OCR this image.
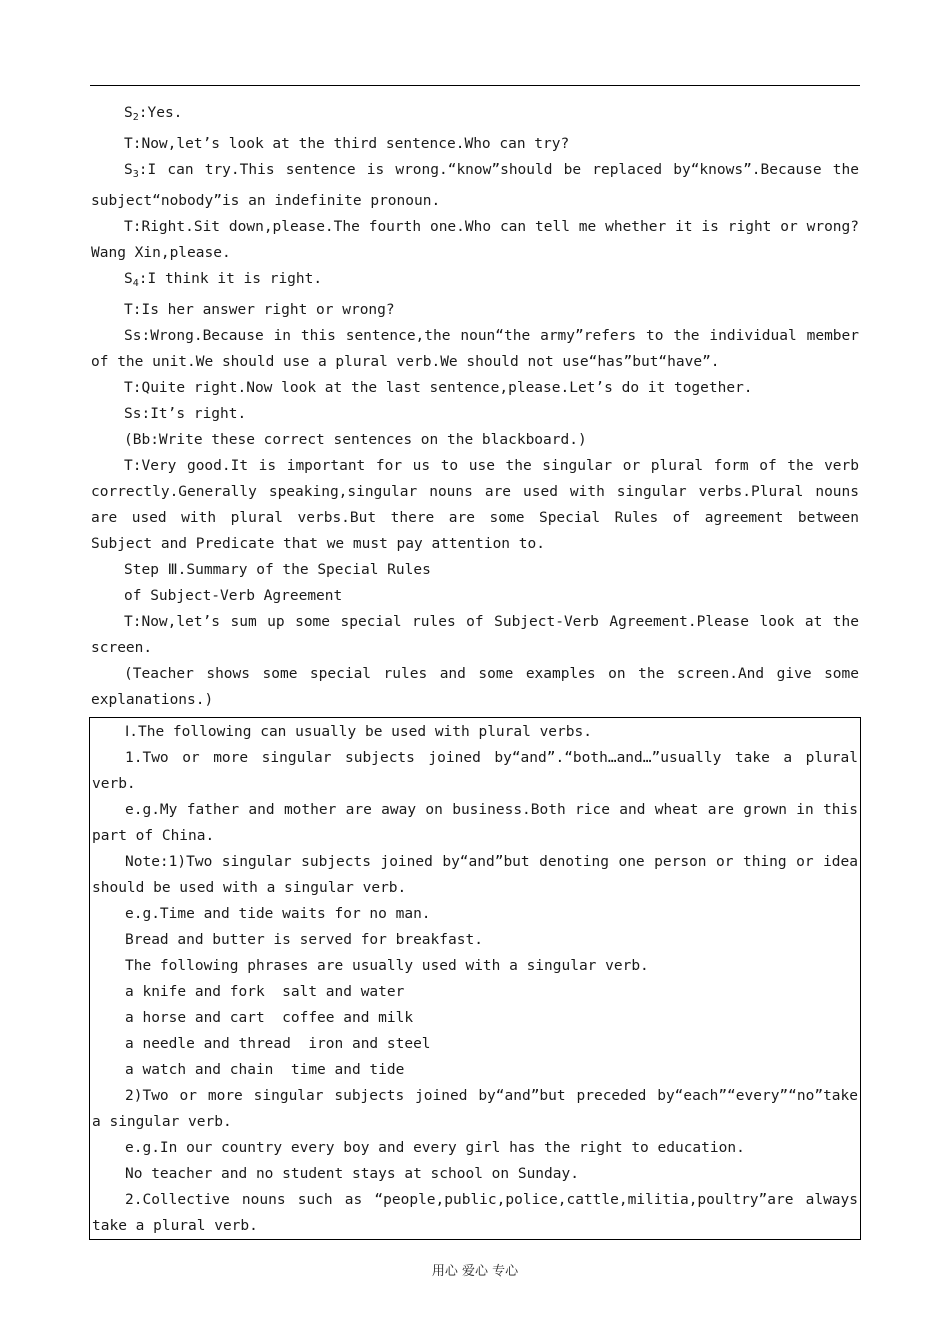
$S_2:Yes$.

T:Now,let’s look at the third sentence.Who can try?

$S_3:I$ can try.This sentence is wrong.“know”should be replaced by“knows”.Because the subject“nobody”is an indefinite pronoun.

T:Right.Sit down,please.The fourth one.Who can tell me whether it is right or wrong? Wang Xin,please.

$S_4:I$ think it is right.

T:Is her answer right or wrong?

Ss:Wrong.Because in this sentence,the noun“the army”refers to the individual member of the unit.We should use a plural verb.We should not use“has”but“have”.

T:Quite right.Now look at the last sentence,please.Let’s do it together.

Ss:It’s right.

(Bb:Write these correct sentences on the blackboard.)

T:Very good.It is important for us to use the singular or plural form of the verb correctly.Generally speaking,singular nouns are used with singular verbs.Plural nouns are used with plural verbs.But there are some Special Rules of agreement between Subject and Predicate that we must pay attention to.

Step Ⅲ.Summary of the Special Rules

of Subject-Verb Agreement

T:Now,let’s sum up some special rules of Subject-Verb Agreement.Please look at the screen.

(Teacher shows some special rules and some examples on the screen.And give some explanations.)

Ⅰ.The following can usually be used with plural verbs.

1.Two or more singular subjects joined by“and”.“both…and…”usually take a plural verb.

e.g.My father and mother are away on business.Both rice and wheat are grown in this part of China.

Note:1)Two singular subjects joined by“and”but denoting one person or thing or idea should be used with a singular verb.

e.g.Time and tide waits for no man.

Bread and butter is served for breakfast.

The following phrases are usually used with a singular verb.

a knife and fork  salt and water

a horse and cart  coffee and milk

a needle and thread  iron and steel

a watch and chain  time and tide

2)Two or more singular subjects joined by“and”but preceded by“each”“every”“no”take a singular verb.

e.g.In our country every boy and every girl has the right to education.

No teacher and no student stays at school on Sunday.

2.Collective nouns such as “people,public,police,cattle,militia,poultry”are always take a plural verb.

用心 爱心 专心
